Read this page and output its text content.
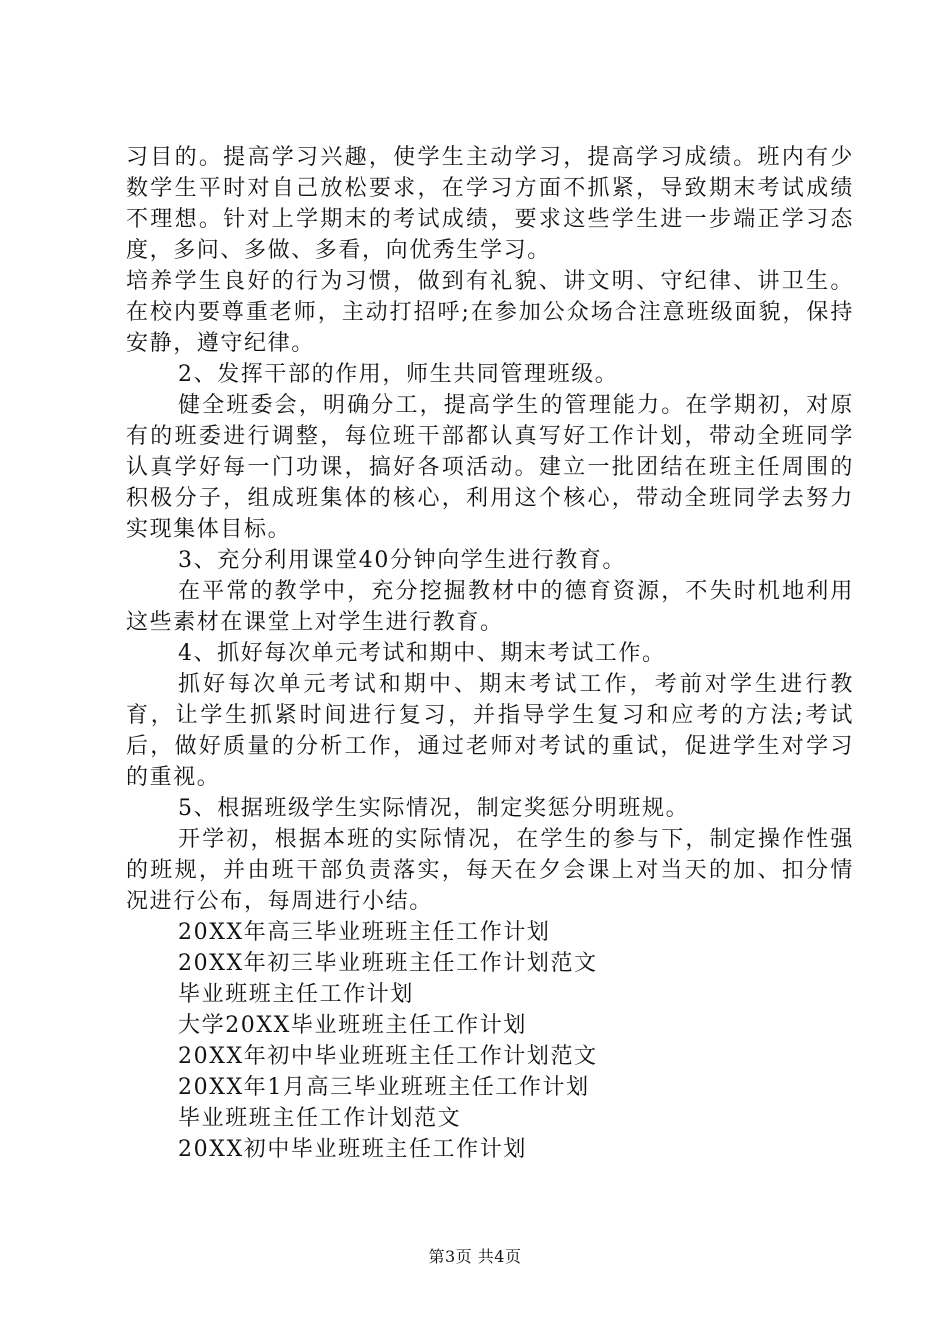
习目的。提高学习兴趣，使学生主动学习，提高学习成绩。班内有少数学生平时对自己放松要求，在学习方面不抓紧，导致期末考试成绩不理想。针对上学期末的考试成绩，要求这些学生进一步端正学习态度，多问、多做、多看，向优秀生学习。

培养学生良好的行为习惯，做到有礼貌、讲文明、守纪律、讲卫生。在校内要尊重老师，主动打招呼;在参加公众场合注意班级面貌，保持安静，遵守纪律。

2、发挥干部的作用，师生共同管理班级。

健全班委会，明确分工，提高学生的管理能力。在学期初，对原有的班委进行调整，每位班干部都认真写好工作计划，带动全班同学认真学好每一门功课，搞好各项活动。建立一批团结在班主任周围的积极分子，组成班集体的核心，利用这个核心，带动全班同学去努力实现集体目标。

3、充分利用课堂40分钟向学生进行教育。

在平常的教学中，充分挖掘教材中的德育资源，不失时机地利用这些素材在课堂上对学生进行教育。

4、抓好每次单元考试和期中、期末考试工作。

抓好每次单元考试和期中、期末考试工作，考前对学生进行教育，让学生抓紧时间进行复习，并指导学生复习和应考的方法;考试后，做好质量的分析工作，通过老师对考试的重试，促进学生对学习的重视。

5、根据班级学生实际情况，制定奖惩分明班规。

开学初，根据本班的实际情况，在学生的参与下，制定操作性强的班规，并由班干部负责落实，每天在夕会课上对当天的加、扣分情况进行公布，每周进行小结。

20XX年高三毕业班班主任工作计划
20XX年初三毕业班班主任工作计划范文
毕业班班主任工作计划
大学20XX毕业班班主任工作计划
20XX年初中毕业班班主任工作计划范文
20XX年1月高三毕业班班主任工作计划
毕业班班主任工作计划范文
20XX初中毕业班班主任工作计划
第3页 共4页
